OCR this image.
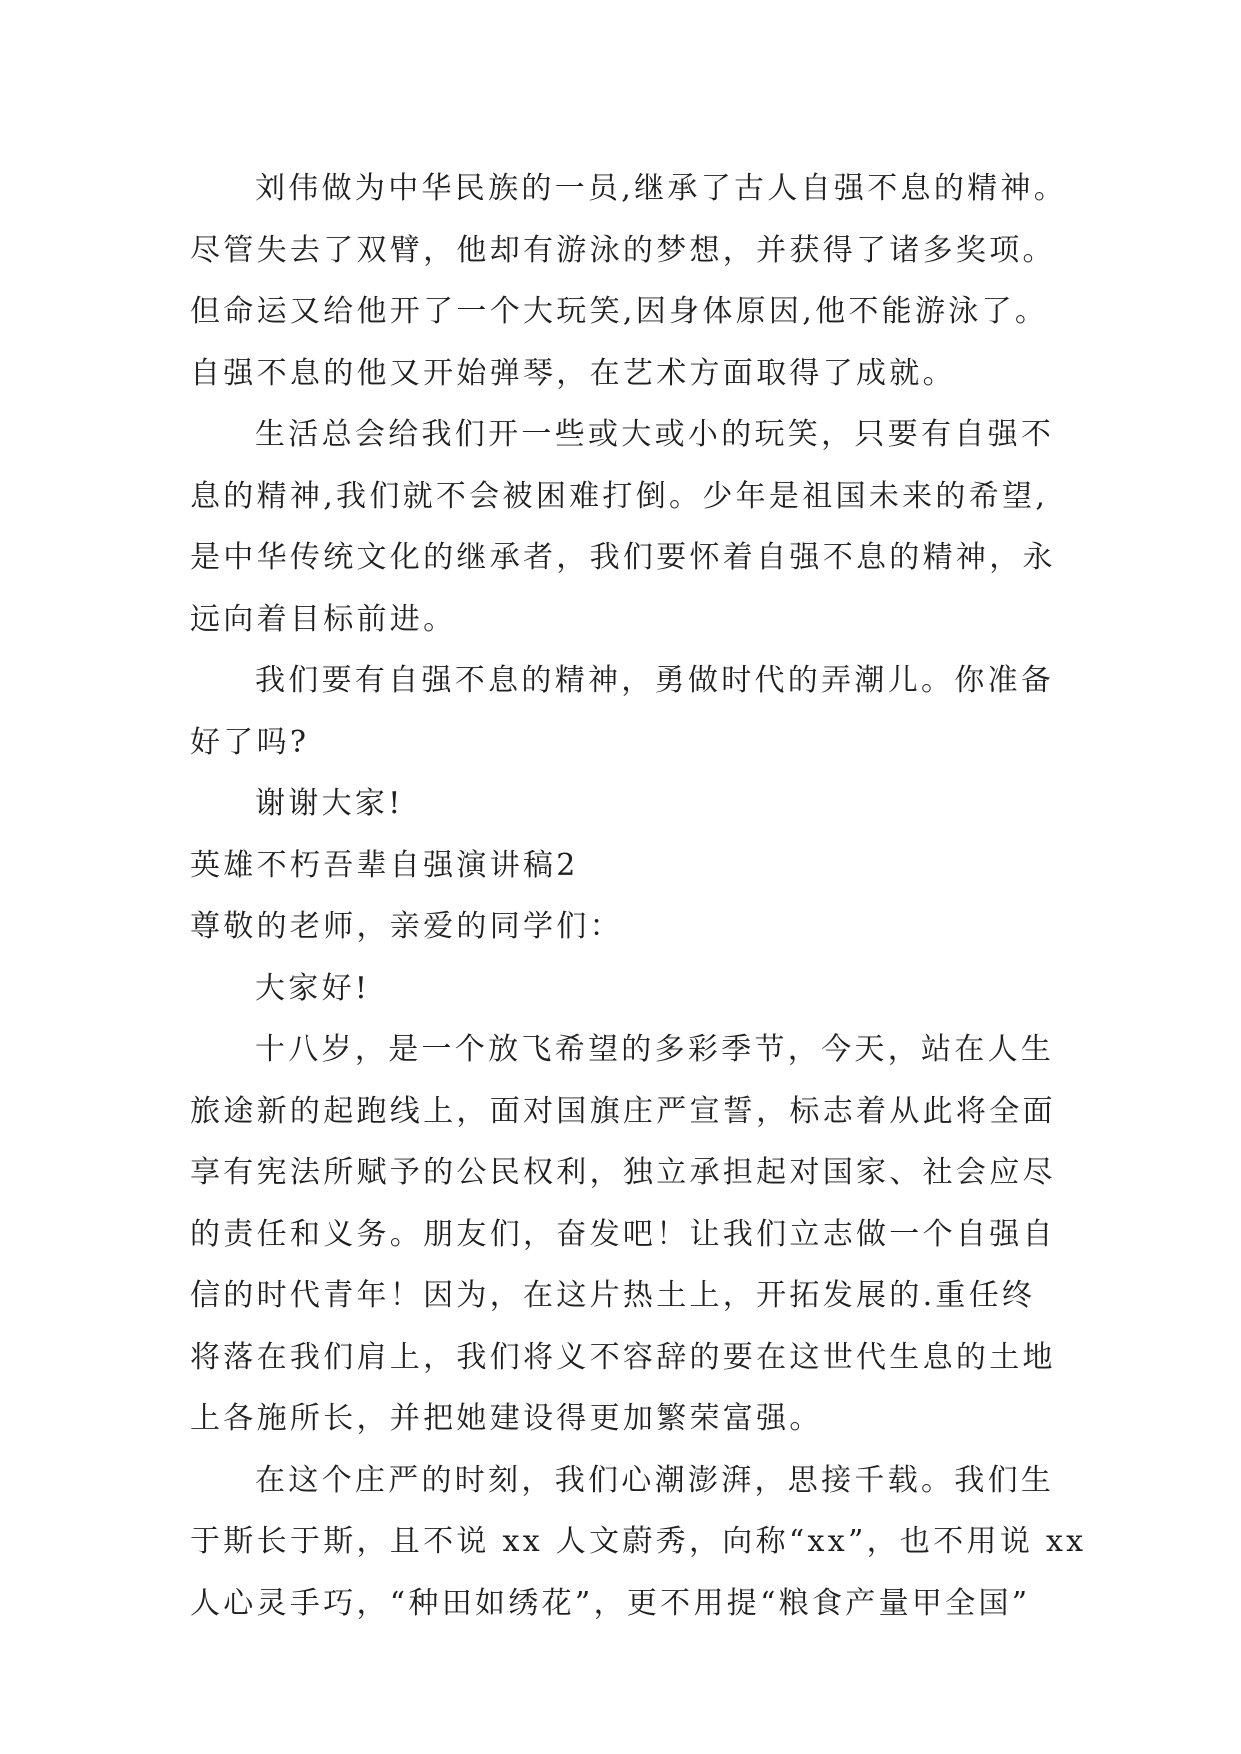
刘伟做为中华民族的一员,继承了古人自强不息的精神。
尽管失去了双臂，他却有游泳的梦想，并获得了诸多奖项。
但命运又给他开了一个大玩笑,因身体原因,他不能游泳了。
自强不息的他又开始弹琴，在艺术方面取得了成就。
生活总会给我们开一些或大或小的玩笑，只要有自强不
息的精神,我们就不会被困难打倒。少年是祖国未来的希望,
是中华传统文化的继承者，我们要怀着自强不息的精神，永
远向着目标前进。
我们要有自强不息的精神，勇做时代的弄潮儿。你准备
好了吗?
谢谢大家!
英雄不朽吾辈自强演讲稿2
尊敬的老师，亲爱的同学们：
大家好!
十八岁，是一个放飞希望的多彩季节，今天，站在人生
旅途新的起跑线上，面对国旗庄严宣誓，标志着从此将全面
享有宪法所赋予的公民权利，独立承担起对国家、社会应尽
的责任和义务。朋友们，奋发吧！让我们立志做一个自强自
信的时代青年！因为，在这片热土上，开拓发展的.重任终
将落在我们肩上，我们将义不容辞的要在这世代生息的土地
上各施所长，并把她建设得更加繁荣富强。
在这个庄严的时刻，我们心潮澎湃，思接千载。我们生
于斯长于斯，且不说 xx 人文蔚秀，向称“xx”，也不用说 xx
人心灵手巧，“种田如绣花”，更不用提“粮食产量甲全国”
